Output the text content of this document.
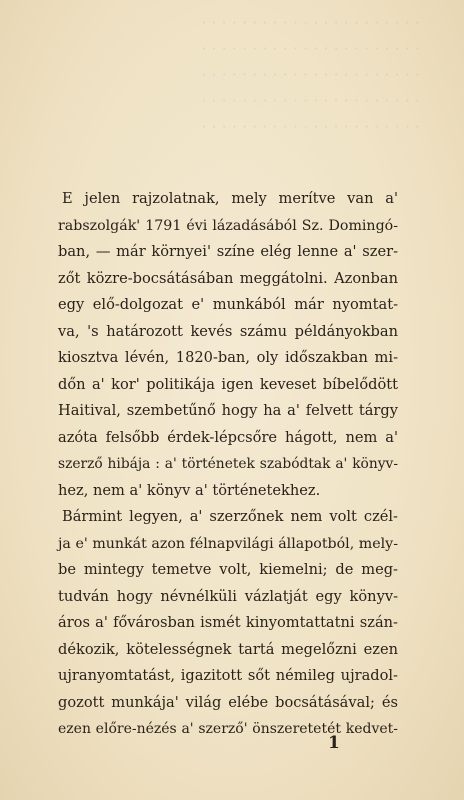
· · · · · · · · · · · · · · · · · · · · · ·
· · · · · · · · · · · · · · · · · · · · · ·
· · · · · · · · · · · · · · · · · · · · · ·
· · · · · · · · · · · · · · · · · · · · · ·
· · · · · · · · · · · · · · · · · · · · · ·
E jelen rajzolatnak, mely merítve van a'
rabszolgák' 1791 évi lázadásából Sz. Domingó-
ban, — már környei' színe elég lenne a' szer-
zőt közre-bocsátásában meggátolni. Azonban
egy elő-dolgozat e' munkából már nyomtat-
va, 's határozott kevés számu példányokban
kiosztva lévén, 1820-ban, oly időszakban mi-
dőn a' kor' politikája igen keveset bíbelődött
Haitival, szembetűnő hogy ha a' felvett tárgy
azóta felsőbb érdek-lépcsőre hágott, nem a'
szerző hibája : a' történetek szabódtak a' könyv-
hez, nem a' könyv a' történetekhez.
Bármint legyen, a' szerzőnek nem volt czél-
ja e' munkát azon félnapvilági állapotból, mely-
be mintegy temetve volt, kiemelni; de meg-
tudván hogy névnélküli vázlatját egy könyv-
áros a' fővárosban ismét kinyomtattatni szán-
dékozik, kötelességnek tartá megelőzni ezen
ujranyomtatást, igazitott sőt némileg ujradol-
gozott munkája' világ elébe bocsátásával; és
ezen előre-nézés a' szerző' önszeretetét kedvet-
1
